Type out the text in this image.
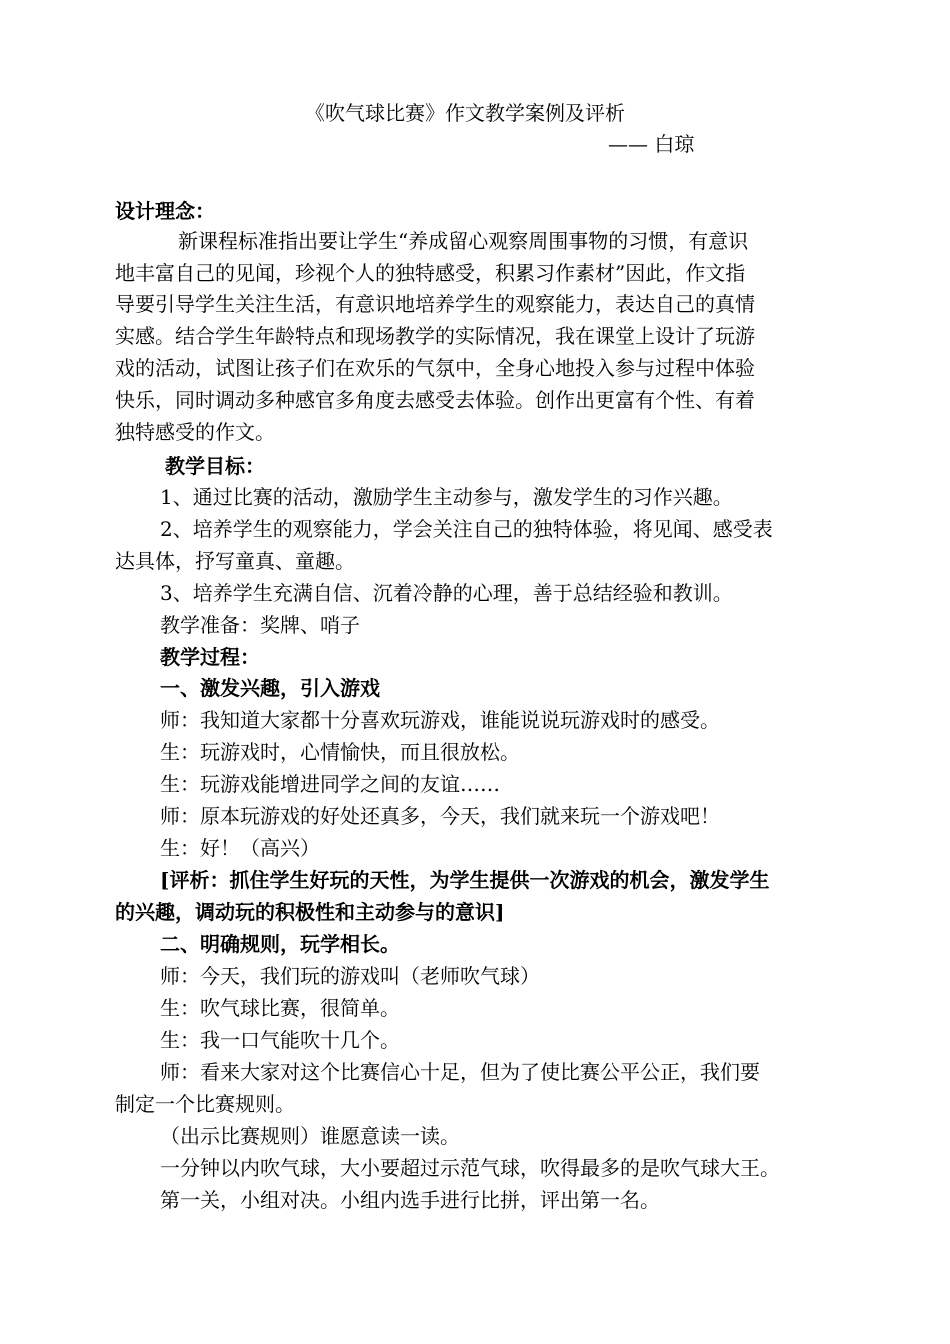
《吹气球比赛》作文教学案例及评析
—— 白琼
设计理念：
新课程标准指出要让学生“养成留心观察周围事物的习惯，有意识
地丰富自己的见闻，珍视个人的独特感受，积累习作素材”因此，作文指
导要引导学生关注生活，有意识地培养学生的观察能力，表达自己的真情
实感。结合学生年龄特点和现场教学的实际情况，我在课堂上设计了玩游
戏的活动，试图让孩子们在欢乐的气氛中，全身心地投入参与过程中体验
快乐，同时调动多种感官多角度去感受去体验。创作出更富有个性、有着
独特感受的作文。
教学目标：
1、通过比赛的活动，激励学生主动参与，激发学生的习作兴趣。
2、培养学生的观察能力，学会关注自己的独特体验，将见闻、感受表
达具体，抒写童真、童趣。
3、培养学生充满自信、沉着冷静的心理，善于总结经验和教训。
教学准备：奖牌、哨子
教学过程：
一、激发兴趣，引入游戏
师：我知道大家都十分喜欢玩游戏，谁能说说玩游戏时的感受。
生：玩游戏时，心情愉快，而且很放松。
生：玩游戏能增进同学之间的友谊……
师：原本玩游戏的好处还真多，今天，我们就来玩一个游戏吧！
生：好！（高兴）
[评析：抓住学生好玩的天性，为学生提供一次游戏的机会，激发学生
的兴趣，调动玩的积极性和主动参与的意识]
二、明确规则，玩学相长。
师：今天，我们玩的游戏叫（老师吹气球）
生：吹气球比赛，很简单。
生：我一口气能吹十几个。
师：看来大家对这个比赛信心十足，但为了使比赛公平公正，我们要
制定一个比赛规则。
（出示比赛规则）谁愿意读一读。
一分钟以内吹气球，大小要超过示范气球，吹得最多的是吹气球大王。
第一关，小组对决。小组内选手进行比拼，评出第一名。
